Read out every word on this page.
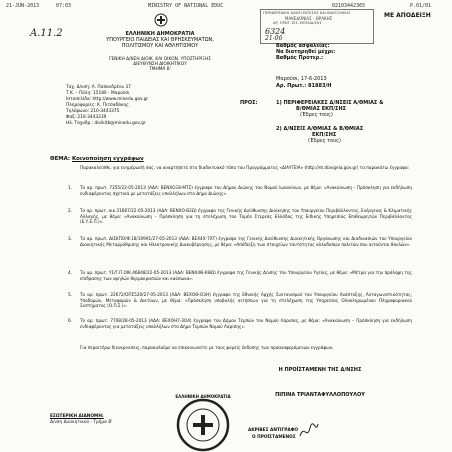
21-JUN-2013	07:03	MINISTRY OF NATIONAL EDUC	02103442365	P.01/01
Α.11.2
ΠΕΡΙΦΕΡΕΙΑΚΗ Δ/ΝΣΗ ΕΚΠ/ΣΗΣ ΚΑΙ ΑΝΑΤΟΛΙΚΗΣ
ΜΑΚΕΔΟΝΙΑΣ - ΘΡΑΚΗΣ
ΑΡ. ΠΡΩΤ. ΕΙΣ. ΕΚΠΑΙΔ/ΣΗΣ
6324
21-06
ΜΕ ΑΠΟΔΕΙΞΗ
ΕΛΛΗΝΙΚΗ ΔΗΜΟΚΡΑΤΙΑ
ΥΠΟΥΡΓΕΙΟ ΠΑΙΔΕΙΑΣ ΚΑΙ ΘΡΗΣΚΕΥΜΑΤΩΝ,
ΠΟΛΙΤΙΣΜΟΥ ΚΑΙ ΑΘΛΗΤΙΣΜΟΥ
ΓΕΝΙΚΗ Δ/ΝΣΗ ΔΙΟΙΚ. ΚΑΙ ΟΙΚΟΝ. ΥΠΟΣΤΗΡΙΞΗΣ
ΔΙΕΥΘΥΝΣΗ ΔΙΟΙΚΗΤΙΚΟΥ
ΤΜΗΜΑ Β'
Βαθμός ασφαλείας:
Να διατηρηθεί μέχρι:
Βαθμός Προτερ.:
Ταχ. Δ/νση: Α. Παπανδρέου 37
Τ.Κ. – Πόλη: 15180 - Μαρούσι
Ιστοσελίδα: http://www.minedu.gov.gr
Πληροφορίες: Κ. Πιτσαδάκης
Τηλέφωνο: 210-3443375
Φαξ: 210-3443239
Ηλ. Ταχυδρ.: dioikitb@minedu.gov.gr
Μαρούσι, 17-6-2013
Αρ. Πρωτ.: 81883/Η
ΠΡΟΣ:	1) ΠΕΡΙΦΕΡΕΙΑΚΕΣ Δ/ΝΣΕΙΣ Α/ΘΜΙΑΣ &
Β/ΘΜΙΑΣ ΕΚΠ/ΣΗΣ
(Έδρες τους)
2) Δ/ΝΣΕΙΣ Α/ΘΜΙΑΣ & Β/ΘΜΙΑΣ
ΕΚΠ/ΣΗΣ
(Έδρες τους)
ΘΕΜΑ: Κοινοποίηση εγγράφων
Παρακαλείσθε, για ενημέρωσή σας, να αναρτήσετε στο διαδικτυακό τόπο του Προγράμματος «ΔΙΑΥΓΕΙΑ» (http://et.diavgeia.gov.gr) τα παρακάτω έγγραφα:
1.	Το αρ. πρωτ. 7355/22-05-2013 (ΑΔΑ: ΒΕΝΧΟΞ8-ΜΤΣ) έγγραφο του Δήμου Διώνης του Νομού Ιωαννίνων, με θέμα: «Ανακοίνωση - Πρόσκληση για εκδήλωση ενδιαφέροντος σχετικά με μετατάξεις υπαλλήλων στο Δήμο Διώνης».
2.	Το αρ. πρωτ. οικ.31687/22-05-2013 (ΑΔΑ: ΒΕΝΧΟ-Β2Ω) έγγραφο της Γενικής Διεύθυνσης Διοίκησης του Υπουργείου Περιβάλλοντος, Ενέργειας & Κλιματικής Αλλαγής, με θέμα: «Ανακοίνωση – Πρόσκληση για τη στελέχωση του Τομέα Στερεάς Ελλάδας της Ειδικής Υπηρεσίας Επιθεωρητών Περιβάλλοντος (Ε.Υ.Ε.Π.)».
3.	Το αρ. πρωτ. ΔΙΣΚΠΟ/Φ.18/10991/27-05-2013 (ΑΔΑ: ΒΕΧ4Χ-7ΧΤ) έγγραφο της Γενικής Διεύθυνσης Διοικητικής Οργάνωσης και Διαδικασιών του Υπουργείου Διοικητικής Μεταρρύθμισης και Ηλεκτρονικής Διακυβέρνησης, με θέμα: «Απόδειξη των στοιχείων ταυτότητας αλλοδαπών πολιτών που αιτούνται θουλών».
4.	Το αρ. πρωτ. Υ1/Γ.Π.ΟΙΚ.46848/22-05-2013 (ΑΔΑ: ΒΕΝΧ4Θ-ΚΘΩ) έγγραφο της Γενικής Δ/νσης του Υπουργείου Υγείας, με θέμα: «Μέτρα για την πρόληψη της επίδρασης των υψηλών θερμοκρασιών και καύσωνα».
5.	Το αρ. πρωτ. 22672/ΟΠΣ520/27-05-2013 (ΑΔΑ: ΒΕΧΟΘ-Ο3Η) έγγραφο της Εθνικής Αρχής Συντονισμού του Υπουργείου Ανάπτυξης, Ανταγωνιστικότητας, Υποδομών, Μεταφορών & Δικτύων, με θέμα: «Πρόσκληση υποβολής αιτήσεων για τη στελέχωση της Υπηρεσίας Ολοκληρωμένου Πληροφοριακού Συστήματος (Ο.Π.Σ.)».
6.	Το αρ. πρωτ. 7708/28-05-2013 (ΑΔΑ: ΒΕΧΟΗ7-3Ο4) έγγραφο του Δήμου Τεμπών του Νομού Λάρισας, με θέμα: «Ανακοίνωση – Πρόσκληση για εκδήλωση ενδιαφέροντος για μετατάξεις υπαλλήλων στο Δήμο Τεμπών Νομού Λαρίσης».
Για περαιτέρω διευκρινίσεις, παρακαλούμε να επικοινωνείτε με τους φορείς έκδοσης των προαναφερόμενων εγγράφων.
Η ΠΡΟΪΣΤΑΜΕΝΗ ΤΗΣ Δ/ΝΣΗΣ
ΠΙΠΙΝΑ ΤΡΙΑΝΤΑΦΥΛΛΟΠΟΥΛΟΥ
ΕΣΩΤΕΡΙΚΗ ΔΙΑΝΟΜΗ:
Δ/νση Διοικητικού - Τμήμα Β'
ΕΛΛΗΝΙΚΗ ΔΗΜΟΚΡΑΤΙΑ
ΑΚΡΙΒΕΣ ΑΝΤΙΓΡΑΦΟ
Ο ΠΡΟΪΣΤΑΜΕΝΟΣ
